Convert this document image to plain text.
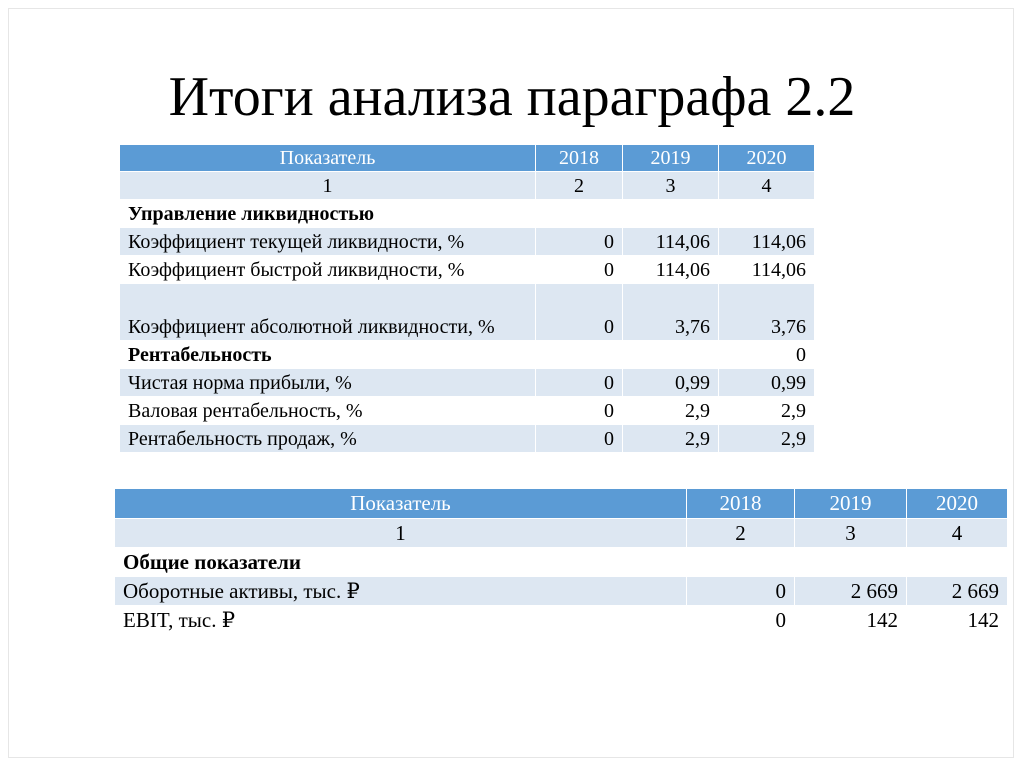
Итоги анализа параграфа 2.2
Показатель	2018	2019	2020
1	2	3	4
Управление ликвидностью			
Коэффициент текущей ликвидности, %	0	114,06	114,06
Коэффициент быстрой ликвидности, %	0	114,06	114,06
Коэффициент абсолютной ликвидности, %	0	3,76	3,76
Рентабельность			0
Чистая норма прибыли, %	0	0,99	0,99
Валовая рентабельность, %	0	2,9	2,9
Рентабельность продаж, %	0	2,9	2,9
Показатель	2018	2019	2020
1	2	3	4
Общие показатели			
Оборотные активы, тыс. ₽	0	2 669	2 669
EBIT, тыс. ₽	0	142	142
